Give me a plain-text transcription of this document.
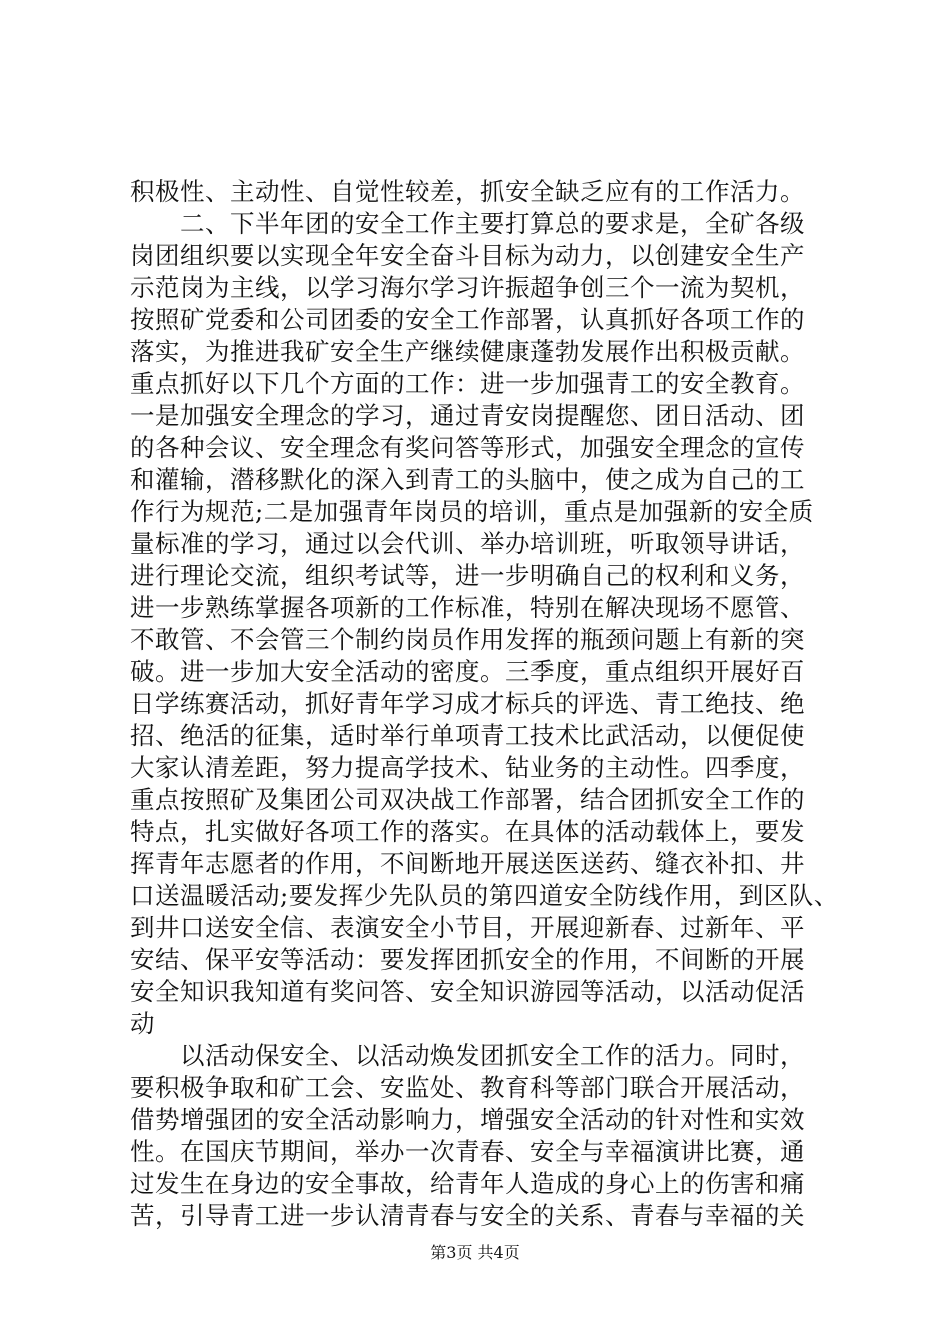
积极性、主动性、自觉性较差，抓安全缺乏应有的工作活力。
　　二、下半年团的安全工作主要打算总的要求是，全矿各级
岗团组织要以实现全年安全奋斗目标为动力，以创建安全生产
示范岗为主线，以学习海尔学习许振超争创三个一流为契机，
按照矿党委和公司团委的安全工作部署，认真抓好各项工作的
落实，为推进我矿安全生产继续健康蓬勃发展作出积极贡献。
重点抓好以下几个方面的工作：进一步加强青工的安全教育。
一是加强安全理念的学习，通过青安岗提醒您、团日活动、团
的各种会议、安全理念有奖问答等形式，加强安全理念的宣传
和灌输，潜移默化的深入到青工的头脑中，使之成为自己的工
作行为规范;二是加强青年岗员的培训，重点是加强新的安全质
量标准的学习，通过以会代训、举办培训班，听取领导讲话，
进行理论交流，组织考试等，进一步明确自己的权利和义务，
进一步熟练掌握各项新的工作标准，特别在解决现场不愿管、
不敢管、不会管三个制约岗员作用发挥的瓶颈问题上有新的突
破。进一步加大安全活动的密度。三季度，重点组织开展好百
日学练赛活动，抓好青年学习成才标兵的评选、青工绝技、绝
招、绝活的征集，适时举行单项青工技术比武活动，以便促使
大家认清差距，努力提高学技术、钻业务的主动性。四季度，
重点按照矿及集团公司双决战工作部署，结合团抓安全工作的
特点，扎实做好各项工作的落实。在具体的活动载体上，要发
挥青年志愿者的作用，不间断地开展送医送药、缝衣补扣、井
口送温暖活动;要发挥少先队员的第四道安全防线作用，到区队、
到井口送安全信、表演安全小节目，开展迎新春、过新年、平
安结、保平安等活动：要发挥团抓安全的作用，不间断的开展
安全知识我知道有奖问答、安全知识游园等活动，以活动促活
动
　　以活动保安全、以活动焕发团抓安全工作的活力。同时，
要积极争取和矿工会、安监处、教育科等部门联合开展活动，
借势增强团的安全活动影响力，增强安全活动的针对性和实效
性。在国庆节期间，举办一次青春、安全与幸福演讲比赛，通
过发生在身边的安全事故，给青年人造成的身心上的伤害和痛
苦，引导青工进一步认清青春与安全的关系、青春与幸福的关
第3页 共4页
